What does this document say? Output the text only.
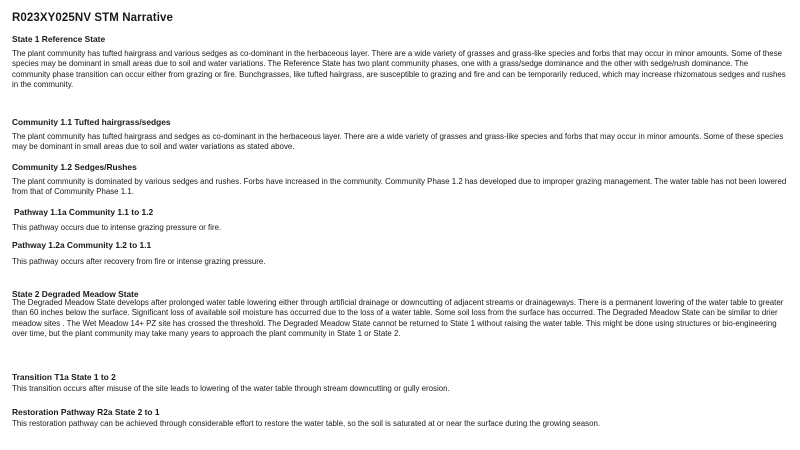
R023XY025NV STM Narrative
State 1 Reference State
The plant community has tufted hairgrass and various sedges as co-dominant in the herbaceous layer. There are a wide variety of grasses and grass-like species and forbs that may occur in minor amounts. Some of these species may be dominant in small areas due to soil and water variations. The Reference State has two plant community phases, one with a grass/sedge dominance and the other with sedge/rush dominance. The community phase transition can occur either from grazing or fire. Bunchgrasses, like tufted hairgrass, are susceptible to grazing and fire and can be temporarily reduced, which may increase rhizomatous sedges and rushes in the community.
Community 1.1 Tufted hairgrass/sedges
The plant community has tufted hairgrass and sedges as co-dominant in the herbaceous layer. There are a wide variety of grasses and grass-like species and forbs that may occur in minor amounts. Some of these species may be dominant in small areas due to soil and water variations as stated above.
Community 1.2 Sedges/Rushes
The plant community is dominated by various sedges and rushes. Forbs have increased in the community. Community Phase 1.2 has developed due to improper grazing management. The water table has not been lowered from that of Community Phase 1.1.
Pathway 1.1a Community 1.1 to 1.2
This pathway occurs due to intense grazing pressure or fire.
Pathway 1.2a Community 1.2 to 1.1
This pathway occurs after recovery from fire or intense grazing pressure.
State 2 Degraded Meadow State
The Degraded Meadow State develops after prolonged water table lowering either through artificial drainage or downcutting of adjacent streams or drainageways. There is a permanent lowering of the water table to greater than 60 inches below the surface. Significant loss of available soil moisture has occurred due to the loss of a water table. Some soil loss from the surface has occurred. The Degraded Meadow State can be similar to drier meadow sites . The Wet Meadow 14+ PZ site has crossed the threshold. The Degraded Meadow State cannot be returned to State 1 without raising the water table. This might be done using structures or bio-engineering over time, but the plant community may take many years to approach the plant community in State 1 or State 2.
Transition T1a State 1 to 2
This transition occurs after misuse of the site leads to lowering of the water table through stream downcutting or gully erosion.
Restoration Pathway R2a State 2 to 1
This restoration pathway can be achieved through considerable effort to restore the water table, so the soil is saturated at or near the surface during the growing season.
